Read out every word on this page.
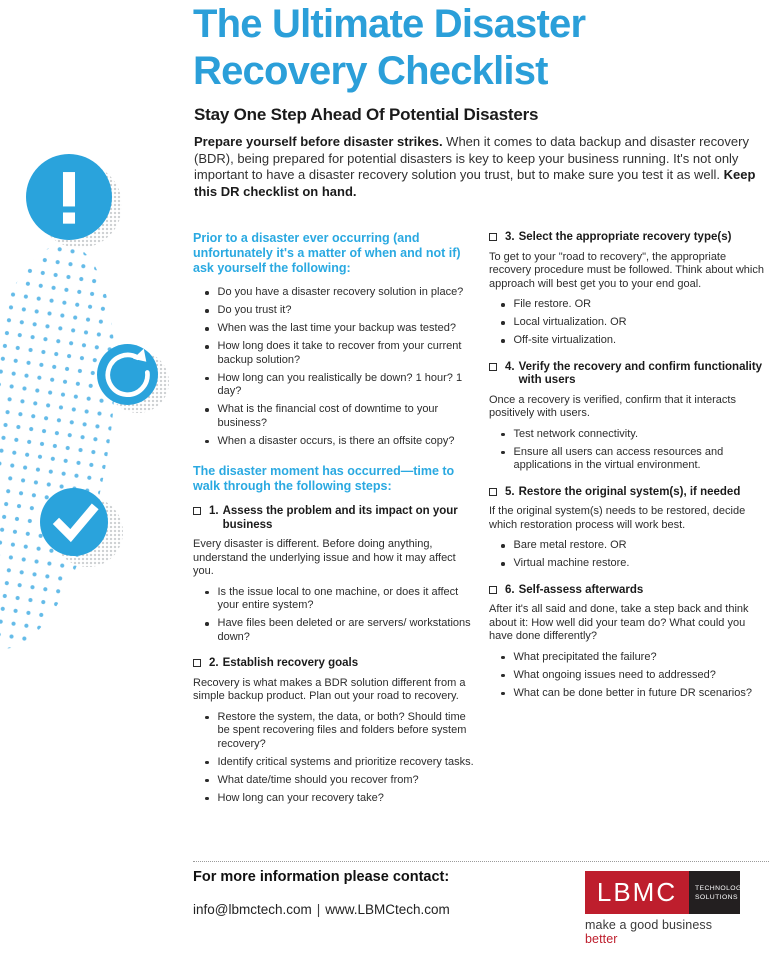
The Ultimate Disaster
Recovery Checklist
Stay One Step Ahead Of Potential Disasters

Prepare yourself before disaster strikes. When it comes to data backup and disaster recovery (BDR), being prepared for potential disasters is key to keep your business running. It's not only important to have a disaster recovery solution you trust, but to make sure you test it as well. Keep this DR checklist on hand.

Prior to a disaster ever occurring (and unfortunately it's a matter of when and not if) ask yourself the following:
Do you have a disaster recovery solution in place?
Do you trust it?
When was the last time your backup was tested?
How long does it take to recover from your current backup solution?
How long can you realistically be down? 1 hour? 1 day?
What is the financial cost of downtime to your business?
When a disaster occurs, is there an offsite copy?
The disaster moment has occurred—time to walk through the following steps:
1. Assess the problem and its impact on your business

Every disaster is different. Before doing anything, understand the underlying issue and how it may affect you.

Is the issue local to one machine, or does it affect your entire system?
Have files been deleted or are servers/ workstations down?
2. Establish recovery goals

Recovery is what makes a BDR solution different from a simple backup product. Plan out your road to recovery.

Restore the system, the data, or both? Should time be spent recovering files and folders before system recovery?
Identify critical systems and prioritize recovery tasks.
What date/time should you recover from?
How long can your recovery take?
3. Select the appropriate recovery type(s)

To get to your "road to recovery", the appropriate recovery procedure must be followed. Think about which approach will best get you to your end goal.

File restore. OR
Local virtualization. OR
Off-site virtualization.
4. Verify the recovery and confirm functionality with users

Once a recovery is verified, confirm that it interacts positively with users.

Test network connectivity.
Ensure all users can access resources and applications in the virtual environment.
5. Restore the original system(s), if needed

If the original system(s) needs to be restored, decide which restoration process will work best.

Bare metal restore. OR
Virtual machine restore.
6. Self-assess afterwards

After it's all said and done, take a step back and think about it: How well did your team do? What could you have done differently?

What precipitated the failure?
What ongoing issues need to addressed?
What can be done better in future DR scenarios?
For more information please contact:
info@lbmctech.com | www.LBMCtech.com
LBMC	TECHNOLOGY
SOLUTIONS
make a good business better
